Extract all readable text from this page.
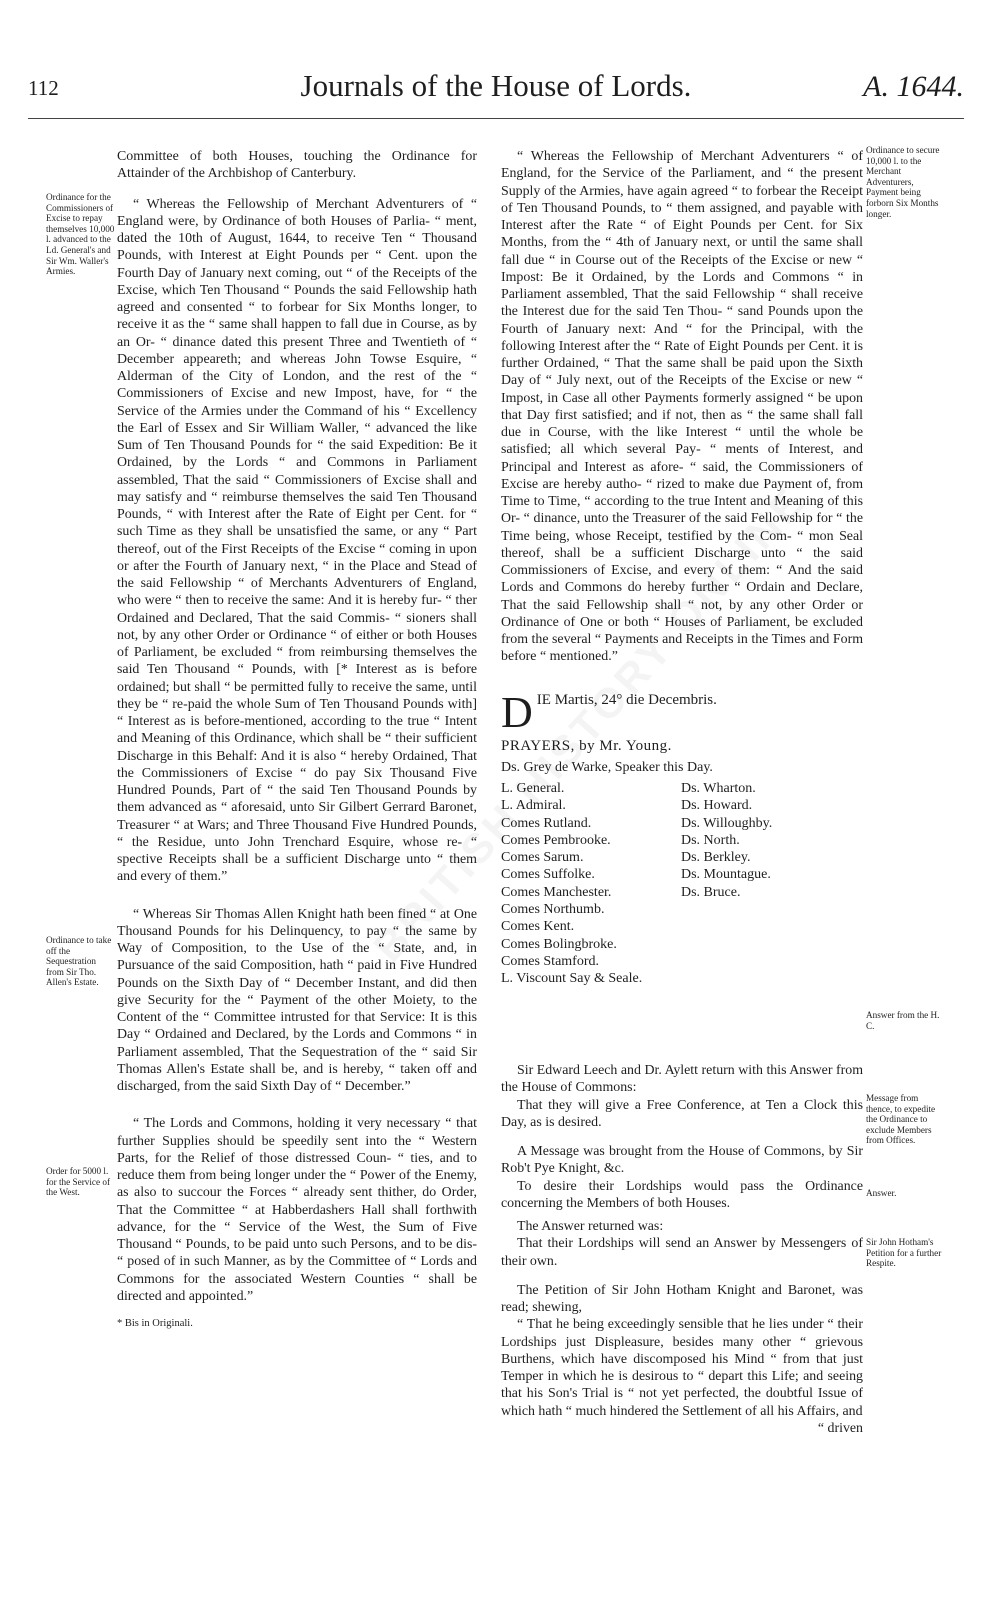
112	Journals of the House of Lords.	A. 1644.
Ordinance for the Commissioners of Excise to repay themselves 10,000 l. advanced to the Ld. General's and Sir Wm. Waller's Armies.
Ordinance to take off the Sequestration from Sir Tho. Allen's Estate.
Order for 5000 l. for the Service of the West.
Ordinance to secure 10,000 l. to the Merchant Adventurers, Payment being forborn Six Months longer.
Answer from the H. C.
Message from thence, to expedite the Ordinance to exclude Members from Offices.
Answer.
Sir John Hotham's Petition for a further Respite.

Committee of both Houses, touching the Ordinance for Attainder of the Archbishop of Canterbury.

“ Whereas the Fellowship of Merchant Adventurers of “ England were, by Ordinance of both Houses of Parlia- “ ment, dated the 10th of August, 1644, to receive Ten “ Thousand Pounds, with Interest at Eight Pounds per “ Cent. upon the Fourth Day of January next coming, out “ of the Receipts of the Excise, which Ten Thousand “ Pounds the said Fellowship hath agreed and consented “ to forbear for Six Months longer, to receive it as the “ same shall happen to fall due in Course, as by an Or- “ dinance dated this present Three and Twentieth of “ December appeareth; and whereas John Towse Esquire, “ Alderman of the City of London, and the rest of the “ Commissioners of Excise and new Impost, have, for “ the Service of the Armies under the Command of his “ Excellency the Earl of Essex and Sir William Waller, “ advanced the like Sum of Ten Thousand Pounds for “ the said Expedition: Be it Ordained, by the Lords “ and Commons in Parliament assembled, That the said “ Commissioners of Excise shall and may satisfy and “ reimburse themselves the said Ten Thousand Pounds, “ with Interest after the Rate of Eight per Cent. for “ such Time as they shall be unsatisfied the same, or any “ Part thereof, out of the First Receipts of the Excise “ coming in upon or after the Fourth of January next, “ in the Place and Stead of the said Fellowship “ of Merchants Adventurers of England, who were “ then to receive the same: And it is hereby fur- “ ther Ordained and Declared, That the said Commis- “ sioners shall not, by any other Order or Ordinance “ of either or both Houses of Parliament, be excluded “ from reimbursing themselves the said Ten Thousand “ Pounds, with [* Interest as is before ordained; but shall “ be permitted fully to receive the same, until they be “ re-paid the whole Sum of Ten Thousand Pounds with] “ Interest as is before-mentioned, according to the true “ Intent and Meaning of this Ordinance, which shall be “ their sufficient Discharge in this Behalf: And it is also “ hereby Ordained, That the Commissioners of Excise “ do pay Six Thousand Five Hundred Pounds, Part of “ the said Ten Thousand Pounds by them advanced as “ aforesaid, unto Sir Gilbert Gerrard Baronet, Treasurer “ at Wars; and Three Thousand Five Hundred Pounds, “ the Residue, unto John Trenchard Esquire, whose re- “ spective Receipts shall be a sufficient Discharge unto “ them and every of them.”

“ Whereas Sir Thomas Allen Knight hath been fined “ at One Thousand Pounds for his Delinquency, to pay “ the same by Way of Composition, to the Use of the “ State, and, in Pursuance of the said Composition, hath “ paid in Five Hundred Pounds on the Sixth Day of “ December Instant, and did then give Security for the “ Payment of the other Moiety, to the Content of the “ Committee intrusted for that Service: It is this Day “ Ordained and Declared, by the Lords and Commons “ in Parliament assembled, That the Sequestration of the “ said Sir Thomas Allen's Estate shall be, and is hereby, “ taken off and discharged, from the said Sixth Day of “ December.”

“ The Lords and Commons, holding it very necessary “ that further Supplies should be speedily sent into the “ Western Parts, for the Relief of those distressed Coun- “ ties, and to reduce them from being longer under the “ Power of the Enemy, as also to succour the Forces “ already sent thither, do Order, That the Committee “ at Habberdashers Hall shall forthwith advance, for the “ Service of the West, the Sum of Five Thousand “ Pounds, to be paid unto such Persons, and to be dis- “ posed of in such Manner, as by the Committee of “ Lords and Commons for the associated Western Counties “ shall be directed and appointed.”

* Bis in Originali.

“ Whereas the Fellowship of Merchant Adventurers “ of England, for the Service of the Parliament, and “ the present Supply of the Armies, have again agreed “ to forbear the Receipt of Ten Thousand Pounds, to “ them assigned, and payable with Interest after the Rate “ of Eight Pounds per Cent. for Six Months, from the “ 4th of January next, or until the same shall fall due “ in Course out of the Receipts of the Excise or new “ Impost: Be it Ordained, by the Lords and Commons “ in Parliament assembled, That the said Fellowship “ shall receive the Interest due for the said Ten Thou- “ sand Pounds upon the Fourth of January next: And “ for the Principal, with the following Interest after the “ Rate of Eight Pounds per Cent. it is further Ordained, “ That the same shall be paid upon the Sixth Day of “ July next, out of the Receipts of the Excise or new “ Impost, in Case all other Payments formerly assigned “ be upon that Day first satisfied; and if not, then as “ the same shall fall due in Course, with the like Interest “ until the whole be satisfied; all which several Pay- “ ments of Interest, and Principal and Interest as afore- “ said, the Commissioners of Excise are hereby autho- “ rized to make due Payment of, from Time to Time, “ according to the true Intent and Meaning of this Or- “ dinance, unto the Treasurer of the said Fellowship for “ the Time being, whose Receipt, testified by the Com- “ mon Seal thereof, shall be a sufficient Discharge unto “ the said Commissioners of Excise, and every of them: “ And the said Lords and Commons do hereby further “ Ordain and Declare, That the said Fellowship shall “ not, by any other Order or Ordinance of One or both “ Houses of Parliament, be excluded from the several “ Payments and Receipts in the Times and Form before “ mentioned.”

DIE Martis, 24° die Decembris.

PRAYERS, by Mr. Young.

Ds. Grey de Warke, Speaker this Day.

L. General.
L. Admiral.
Comes Rutland.
Comes Pembrooke.
Comes Sarum.
Comes Suffolke.
Comes Manchester.
Comes Northumb.
Comes Kent.
Comes Bolingbroke.
Comes Stamford.
L. Viscount Say & Seale.
Ds. Wharton.
Ds. Howard.
Ds. Willoughby.
Ds. North.
Ds. Berkley.
Ds. Mountague.
Ds. Bruce.

Sir Edward Leech and Dr. Aylett return with this Answer from the House of Commons:

That they will give a Free Conference, at Ten a Clock this Day, as is desired.

A Message was brought from the House of Commons, by Sir Rob't Pye Knight, &c.

To desire their Lordships would pass the Ordinance concerning the Members of both Houses.

The Answer returned was:

That their Lordships will send an Answer by Messengers of their own.

The Petition of Sir John Hotham Knight and Baronet, was read; shewing,

“ That he being exceedingly sensible that he lies under “ their Lordships just Displeasure, besides many other “ grievous Burthens, which have discomposed his Mind “ from that just Temper in which he is desirous to “ depart this Life; and seeing that his Son's Trial is “ not yet perfected, the doubtful Issue of which hath “ much hindered the Settlement of all his Affairs, and

“ driven
